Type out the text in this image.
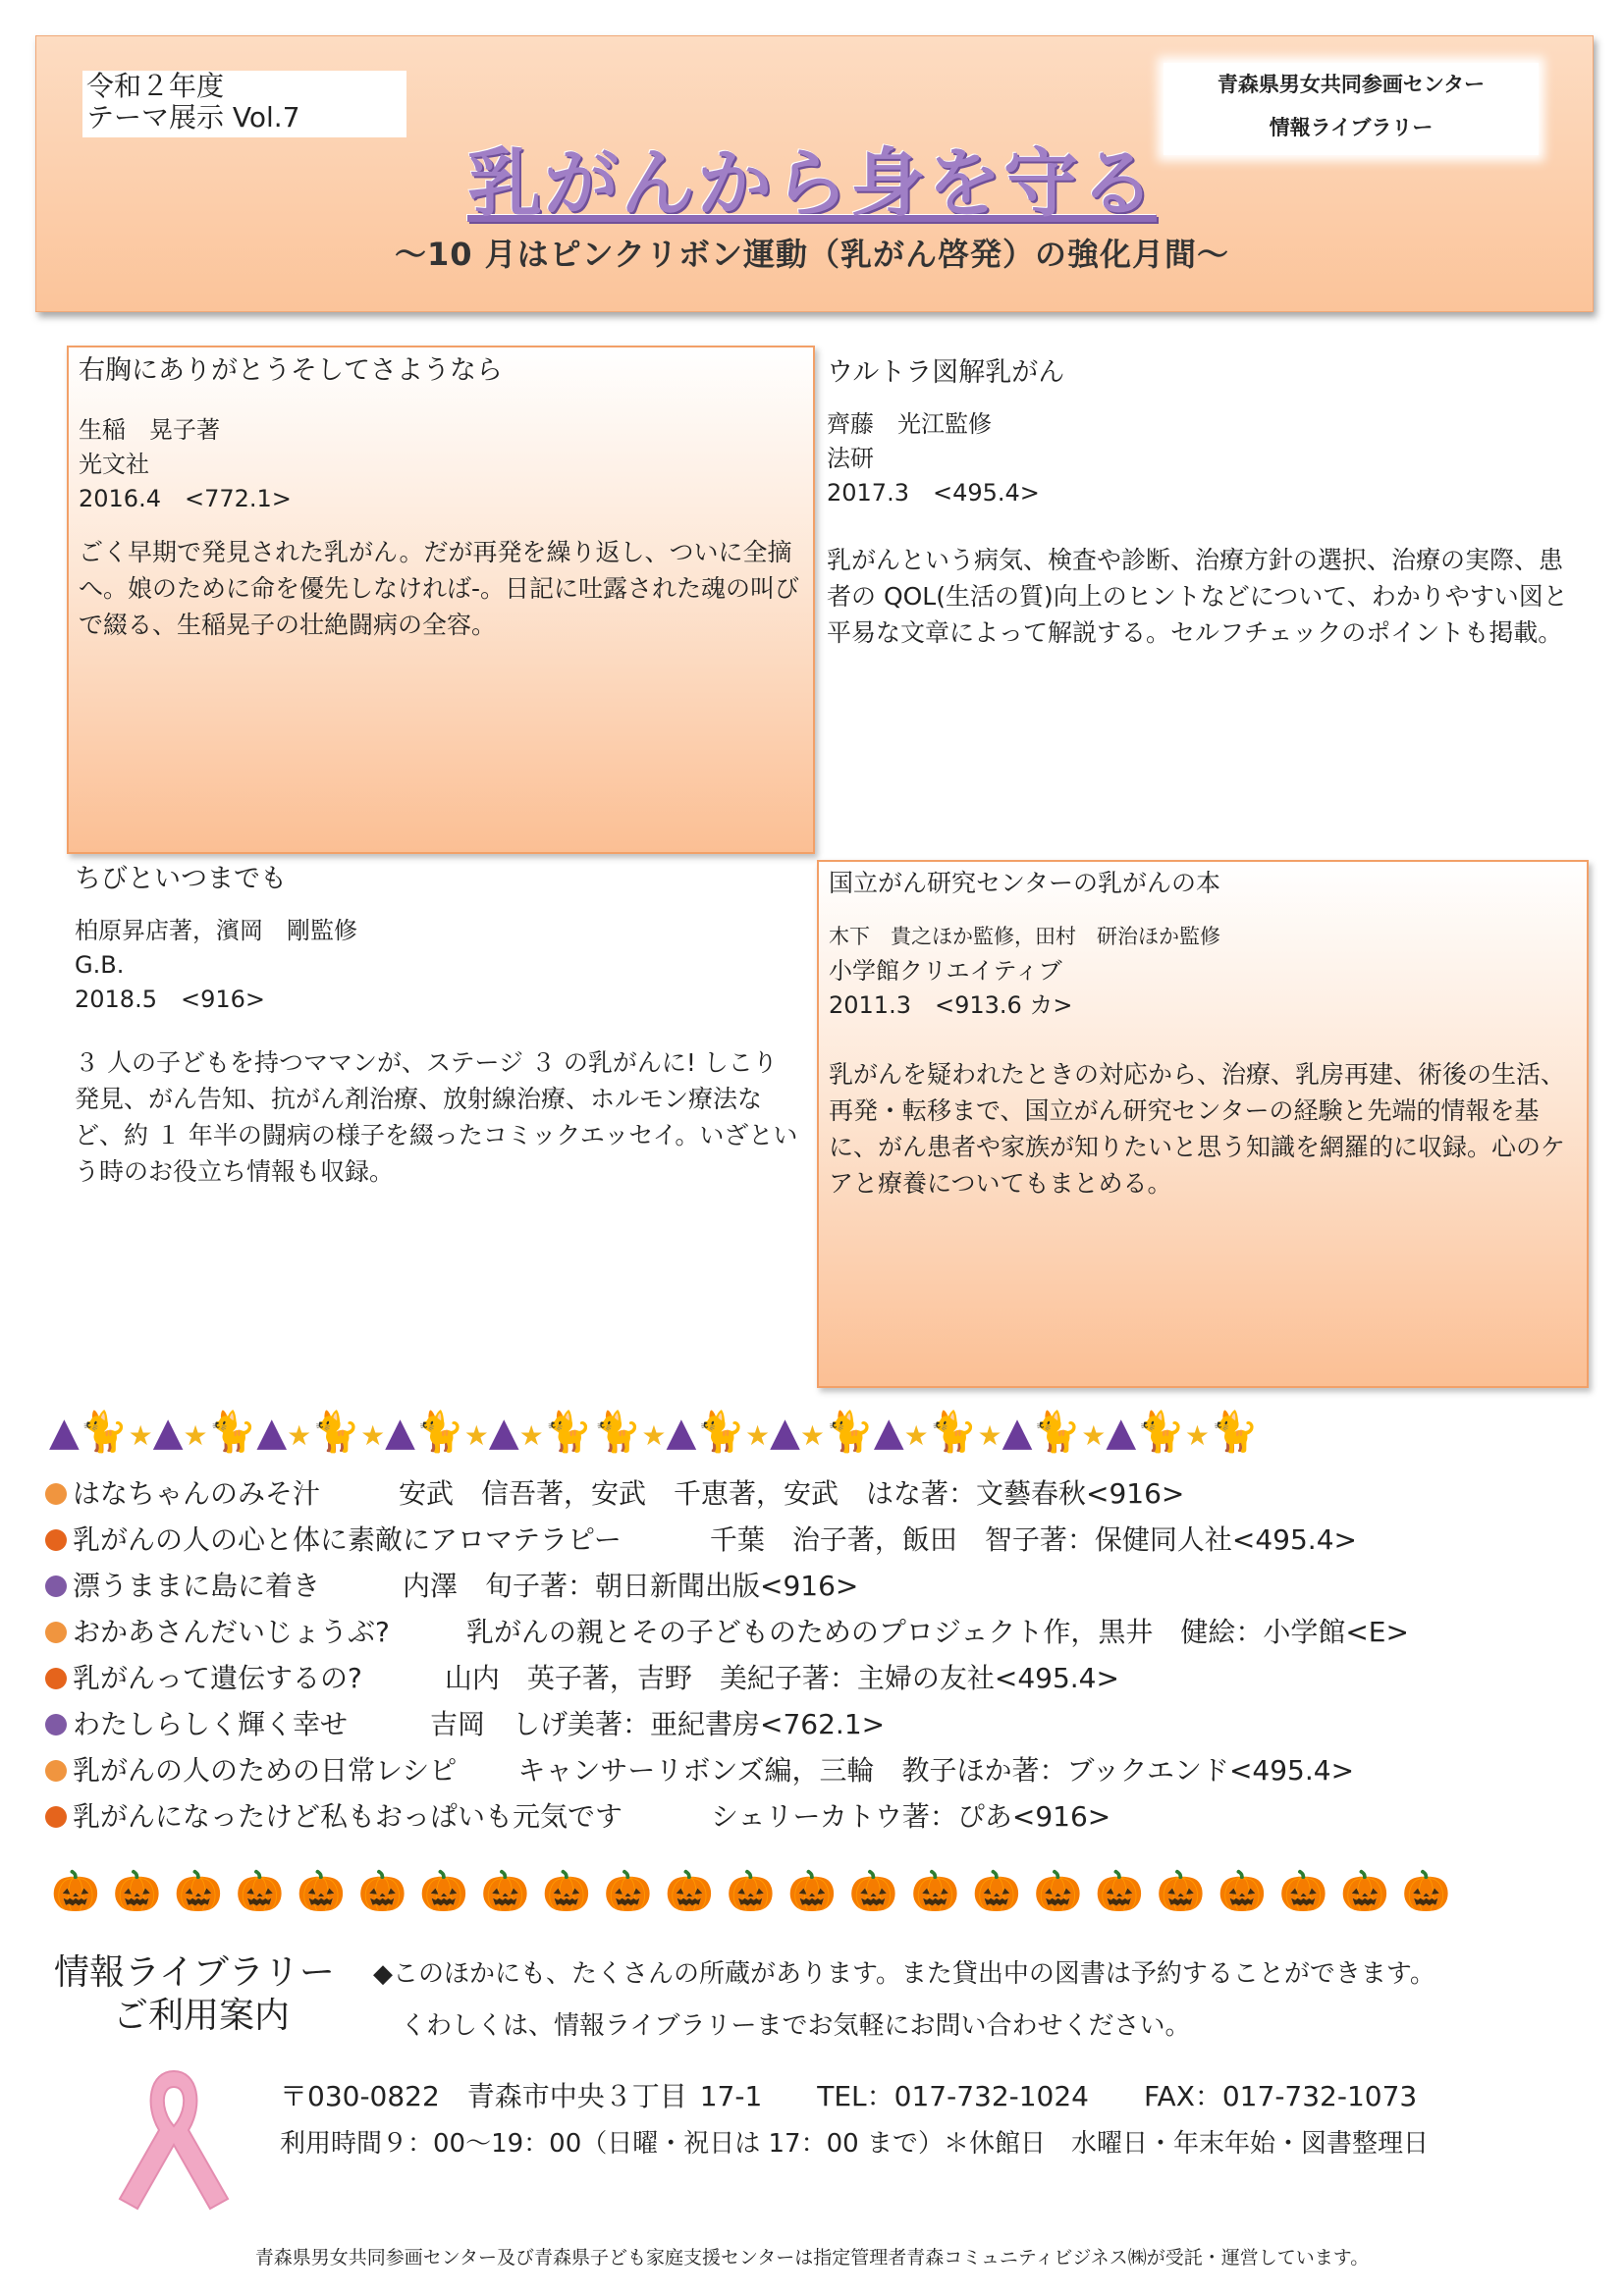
令和２年度
テーマ展示 Vol.7
青森県男女共同参画センター
情報ライブラリー
乳がんから身を守る
～10 月はピンクリボン運動（乳がん啓発）の強化月間～
右胸にありがとうそしてさようなら
生稲　晃子著
光文社
2016.4　<772.1>
ごく早期で発見された乳がん。だが再発を繰り返し、ついに全摘へ。娘のために命を優先しなければ-。日記に吐露された魂の叫びで綴る、生稲晃子の壮絶闘病の全容。
ウルトラ図解乳がん
齊藤　光江監修
法研
2017.3　<495.4>
乳がんという病気、検査や診断、治療方針の選択、治療の実際、患者の QOL(生活の質)向上のヒントなどについて、わかりやすい図と平易な文章によって解説する。セルフチェックのポイントも掲載。
ちびといつまでも
柏原昇店著，濱岡　剛監修
G.B.
2018.5　<916>
３ 人の子どもを持つママンが、ステージ ３ の乳がんに! しこり発見、がん告知、抗がん剤治療、放射線治療、ホルモン療法など、約 １ 年半の闘病の様子を綴ったコミックエッセイ。いざという時のお役立ち情報も収録。
国立がん研究センターの乳がんの本
木下　貴之ほか監修，田村　研治ほか監修
小学館クリエイティブ
2011.3　<913.6 カ>
乳がんを疑われたときの対応から、治療、乳房再建、術後の生活、再発・転移まで、国立がん研究センターの経験と先端的情報を基に、がん患者や家族が知りたいと思う知識を網羅的に収録。心のケアと療養についてもまとめる。
▲🐈★▲★🐈▲★🐈★▲🐈★▲★🐈🐈★▲🐈★▲★🐈▲★🐈★▲🐈★▲🐈★🐈
はなちゃんのみそ汁	安武　信吾著，安武　千恵著，安武　はな著：文藝春秋<916>
乳がんの人の心と体に素敵にアロマテラピー	千葉　治子著，飯田　智子著：保健同人社<495.4>
漂うままに島に着き	内澤　旬子著：朝日新聞出版<916>
おかあさんだいじょうぶ?	乳がんの親とその子どものためのプロジェクト作，黒井　健絵：小学館<E>
乳がんって遺伝するの?	山内　英子著，吉野　美紀子著：主婦の友社<495.4>
わたしらしく輝く幸せ	吉岡　しげ美著：亜紀書房<762.1>
乳がんの人のための日常レシピ キャンサーリボンズ編，三輪　教子ほか著：ブックエンド<495.4>
乳がんになったけど私もおっぱいも元気です	シェリーカトウ著：ぴあ<916>
🎃 🎃 🎃 🎃 🎃 🎃 🎃 🎃 🎃 🎃 🎃 🎃 🎃 🎃 🎃 🎃 🎃 🎃 🎃 🎃 🎃 🎃 🎃
情報ライブラリー
ご利用案内
◆このほかにも、たくさんの所蔵があります。また貸出中の図書は予約することができます。
くわしくは、情報ライブラリーまでお気軽にお問い合わせください。
〒030-0822　青森市中央３丁目 17-1　　TEL：017-732-1024　　FAX：017-732-1073
利用時間９：00～19：00（日曜・祝日は 17：00 まで）＊休館日　水曜日・年末年始・図書整理日
青森県男女共同参画センター及び青森県子ども家庭支援センターは指定管理者青森コミュニティビジネス㈱が受託・運営しています。
